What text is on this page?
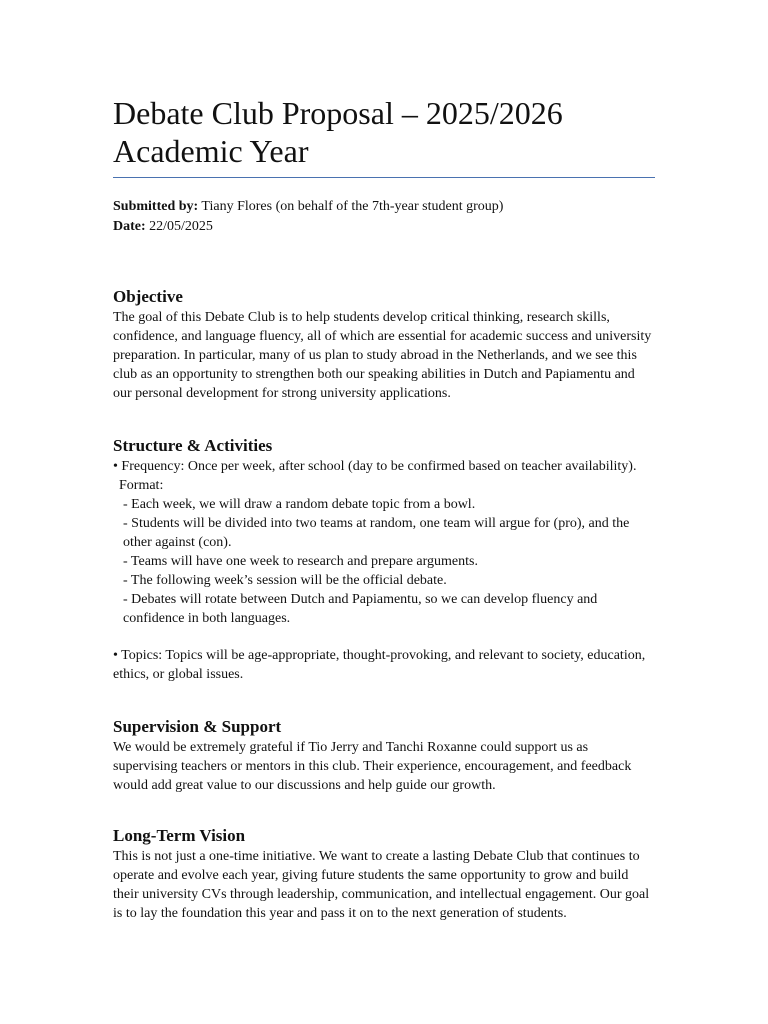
Debate Club Proposal – 2025/2026 Academic Year
Submitted by: Tiany Flores (on behalf of the 7th-year student group)
Date: 22/05/2025
Objective

The goal of this Debate Club is to help students develop critical thinking, research skills, confidence, and language fluency, all of which are essential for academic success and university preparation. In particular, many of us plan to study abroad in the Netherlands, and we see this club as an opportunity to strengthen both our speaking abilities in Dutch and Papiamentu and our personal development for strong university applications.

Structure & Activities

• Frequency: Once per week, after school (day to be confirmed based on teacher availability).

Format:

- Each week, we will draw a random debate topic from a bowl.

- Students will be divided into two teams at random, one team will argue for (pro), and the other against (con).

- Teams will have one week to research and prepare arguments.

- The following week’s session will be the official debate.

- Debates will rotate between Dutch and Papiamentu, so we can develop fluency and confidence in both languages.

• Topics: Topics will be age-appropriate, thought-provoking, and relevant to society, education, ethics, or global issues.

Supervision & Support

We would be extremely grateful if Tio Jerry and Tanchi Roxanne could support us as supervising teachers or mentors in this club. Their experience, encouragement, and feedback would add great value to our discussions and help guide our growth.

Long-Term Vision

This is not just a one-time initiative. We want to create a lasting Debate Club that continues to operate and evolve each year, giving future students the same opportunity to grow and build their university CVs through leadership, communication, and intellectual engagement. Our goal is to lay the foundation this year and pass it on to the next generation of students.
